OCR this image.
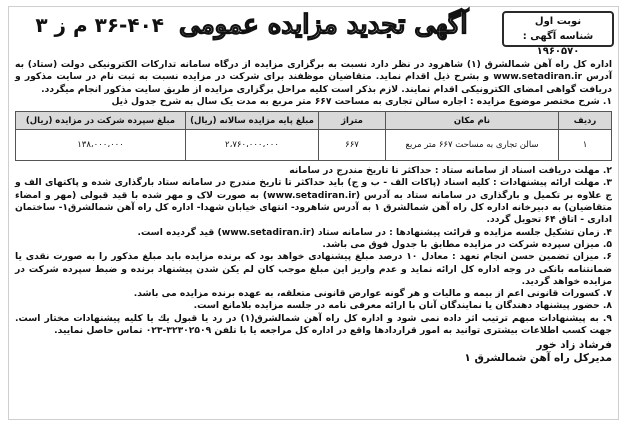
نوبت اول
شناسه آگهی : ۱۹۶۰۵۷۰
آگهی تجدید مزایده عمومی ۳۶-۴۰۴ م ز ۳

اداره کل راه آهن شمالشرق (۱) شاهرود در نظر دارد نسبت به برگزاری مزایده از درگاه سامانه تدارکات الکترونیکی دولت (ستاد) به آدرس www.setadiran.ir و بشرح ذیل اقدام نماید. متقاضیان موظفند برای شرکت در مزایده نسبت به ثبت نام در سایت مذکور و دریافت گواهی امضای الکترونیکی اقدام نمایند. لازم بذکر است کلیه مراحل برگزاری مزایده از طریق سایت مذکور انجام میگردد.

۱. شرح مختصر موضوع مزایده : اجاره سالن تجاری به مساحت ۶۶۷ متر مربع به مدت یک سال به شرح جدول ذیل

ردیف	نام مکان	متراژ	مبلغ پایه مزایده سالانه (ریال)	مبلغ سپرده شرکت در مزایده (ریال)
۱	سالن تجاری به مساحت ۶۶۷ متر مربع	۶۶۷	۲،۷۶۰،۰۰۰،۰۰۰	۱۳۸،۰۰۰،۰۰۰

۲. مهلت دریافت اسناد از سامانه ستاد : حداکثر تا تاریخ مندرج در سامانه

۳. مهلت ارائه پیشنهادات : کلیه اسناد (پاکات الف - ب و ج) باید حداکثر تا تاریخ مندرج در سامانه ستاد بارگذاری شده و پاکتهای الف و ج علاوه بر تکمیل و بارگذاری در سامانه ستاد به آدرس (www.setadiran.ir) به صورت لاک و مهر شده با قید قبولی (مهر و امضاء متقاضیان) به دبیرخانه اداره کل راه آهن شمالشرق ۱ به آدرس شاهرود- انتهای خیابان شهدا- اداره کل راه آهن شمالشرق۱- ساختمان اداری - اتاق ۶۴ تحویل گردد.

۴. زمان تشکیل جلسه مزایده و قرائت پیشنهادها : در سامانه ستاد (www.setadiran.ir) قید گردیده است.

۵. میزان سپرده شرکت در مزایده مطابق با جدول فوق می باشد.

۶. میزان تضمین حسن انجام تعهد : معادل ۱۰ درصد مبلغ پیشنهادی خواهد بود که برنده مزایده باید مبلغ مذکور را به صورت نقدی یا ضمانتنامه بانکی در وجه اداره کل ارائه نماید و عدم واریز این مبلغ موجب کان لم یکن شدن پیشنهاد برنده و ضبط سپرده شرکت در مزایده خواهد گردید.

۷. کسورات قانونی اعم از بیمه و مالیات و هر گونه عوارض قانونی متعلقه، به عهده برنده مزایده می باشد.

۸. حضور پیشنهاد دهندگان یا نمایندگان آنان با ارائه معرفی نامه در جلسه مزایده بلامانع است.

۹. به پیشنهادات مبهم ترتیب اثر داده نمی شود و اداره کل راه آهن شمالشرق(۱) در رد یا قبول یك یا کلیه پیشنهادات مختار است. جهت کسب اطلاعات بیشتری توانید به امور قراردادها واقع در اداره کل مراجعه یا با تلفن ۳۲۳۰۲۵۰۹-۰۲۳ تماس حاصل نمایید.

فرشاد زاد خور
مدیرکل راه آهن شمالشرق ۱
